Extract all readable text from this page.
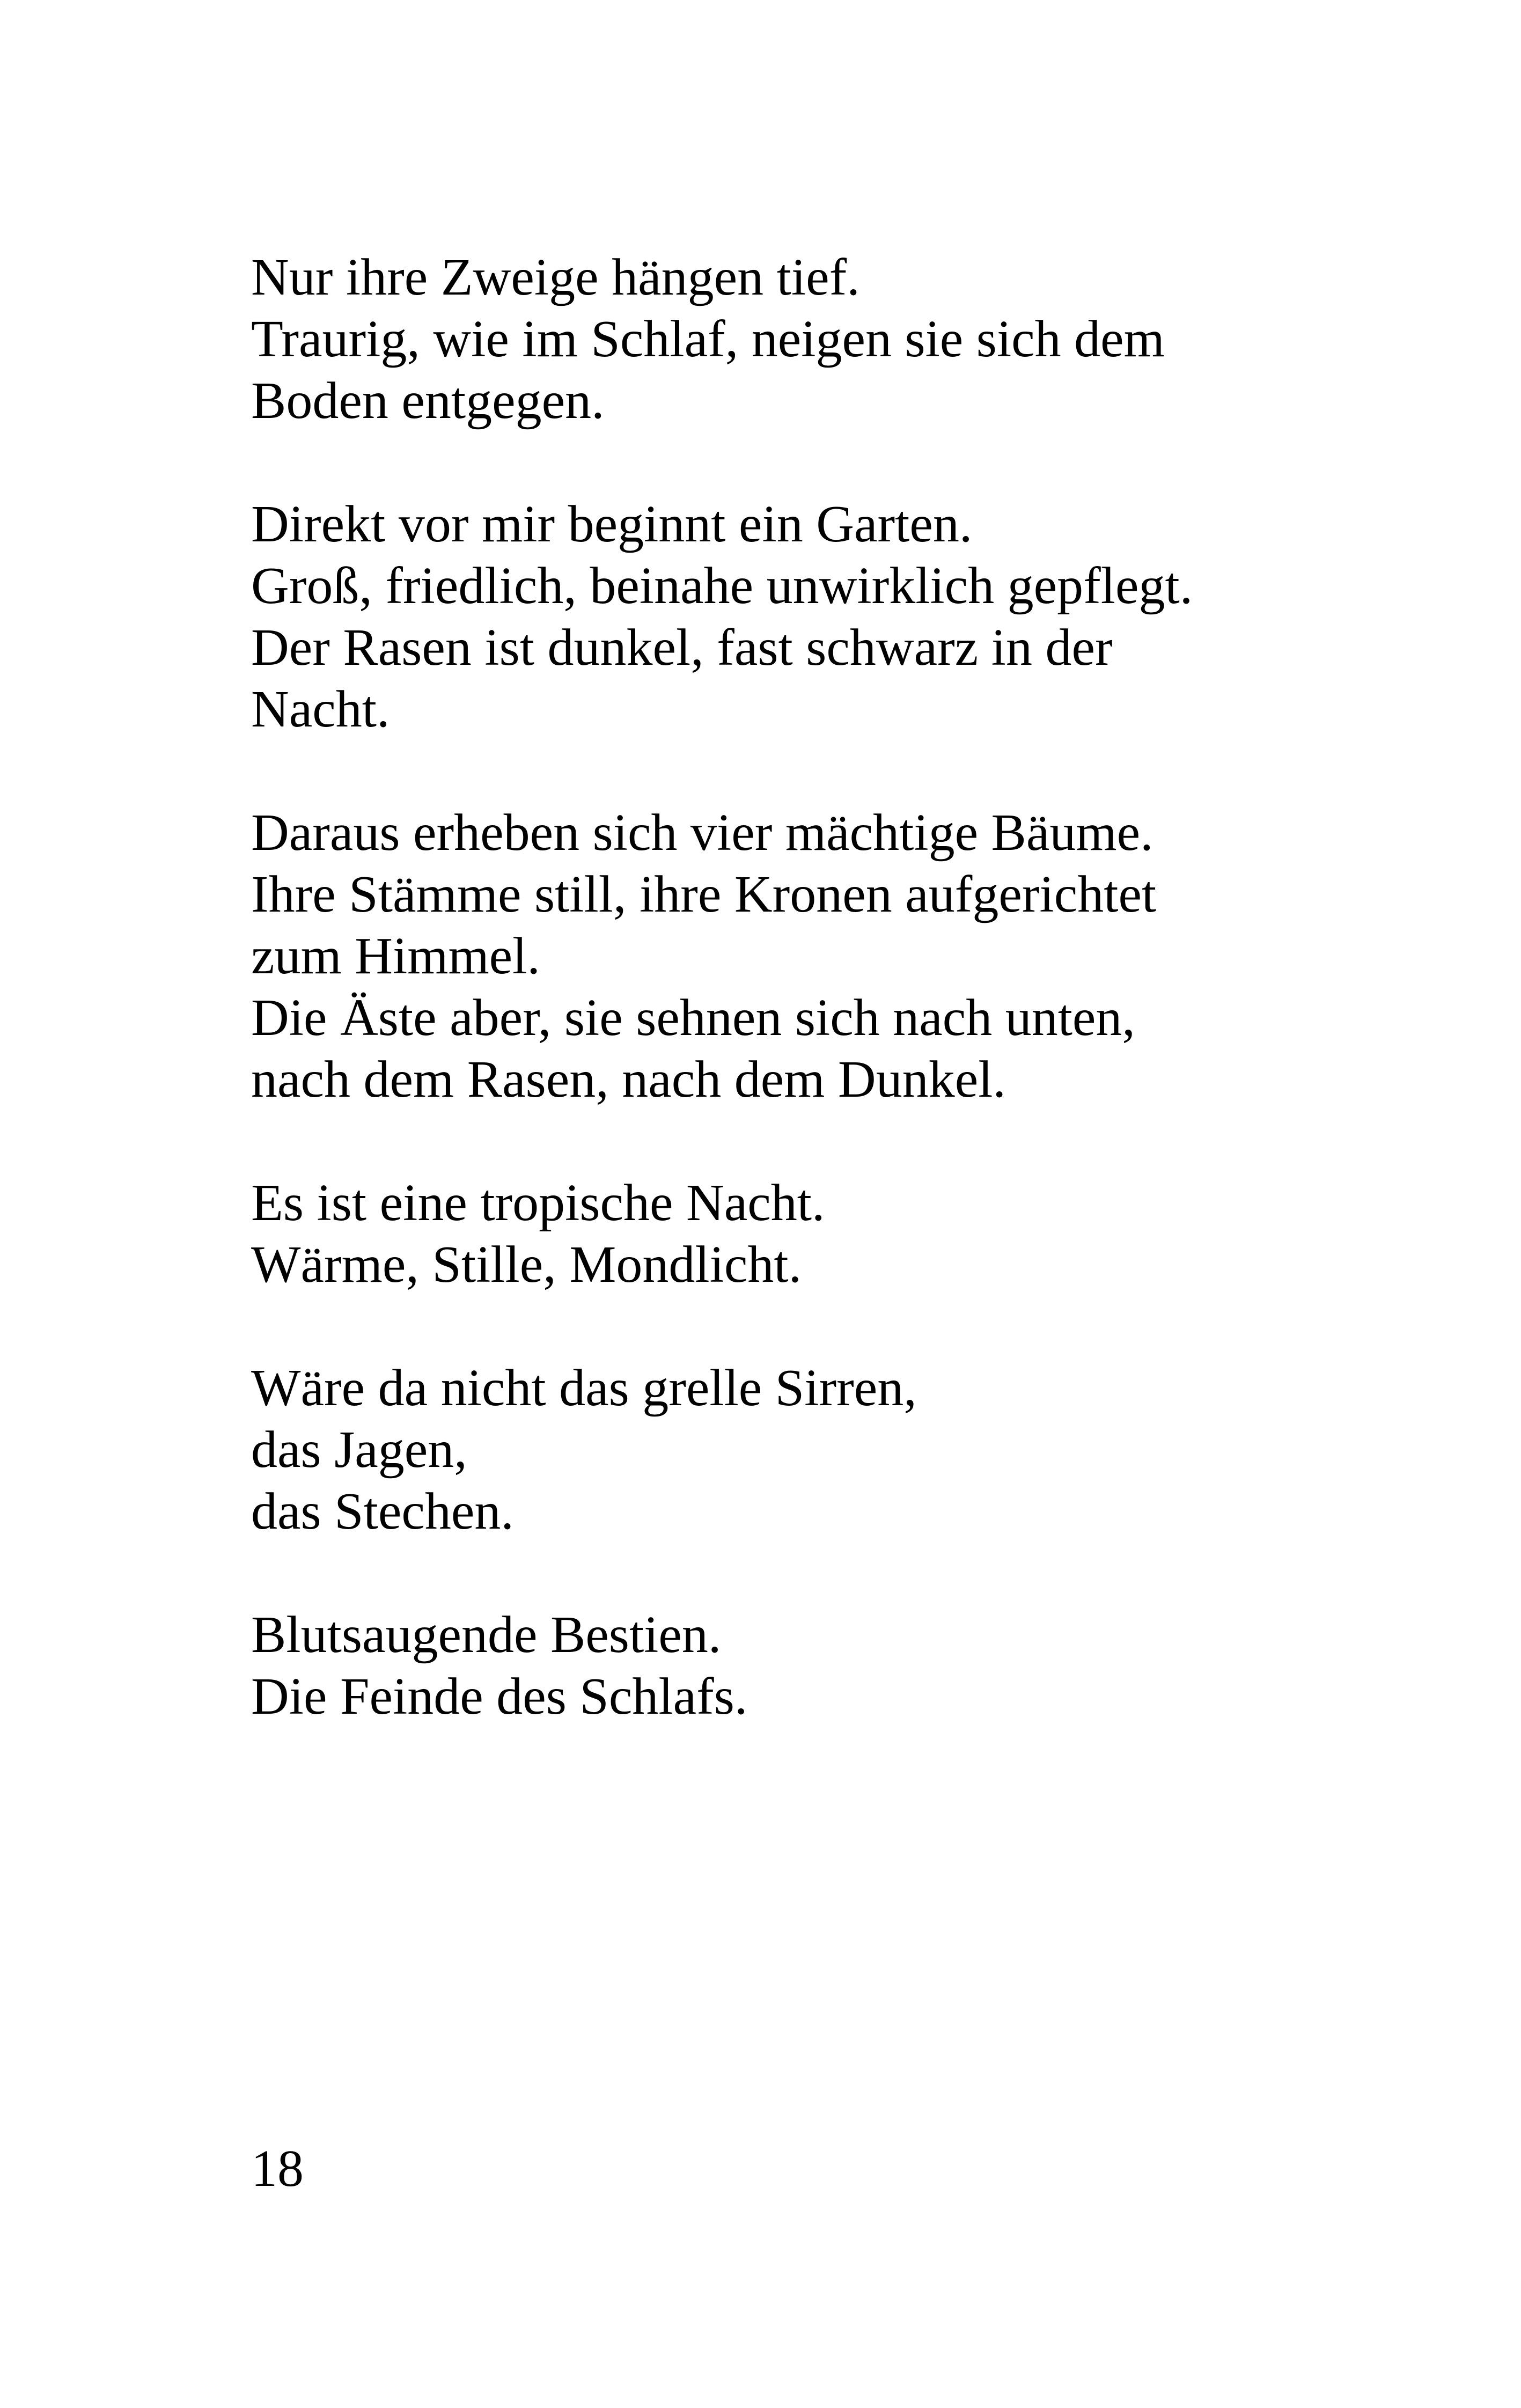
Nur ihre Zweige hängen tief.
Traurig, wie im Schlaf, neigen sie sich dem
Boden entgegen.
Direkt vor mir beginnt ein Garten.
Groß, friedlich, beinahe unwirklich gepflegt.
Der Rasen ist dunkel, fast schwarz in der
Nacht.
Daraus erheben sich vier mächtige Bäume.
Ihre Stämme still, ihre Kronen aufgerichtet
zum Himmel.
Die Äste aber, sie sehnen sich nach unten,
nach dem Rasen, nach dem Dunkel.
Es ist eine tropische Nacht.
Wärme, Stille, Mondlicht.
Wäre da nicht das grelle Sirren,
das Jagen,
das Stechen.
Blutsaugende Bestien.
Die Feinde des Schlafs.
18
